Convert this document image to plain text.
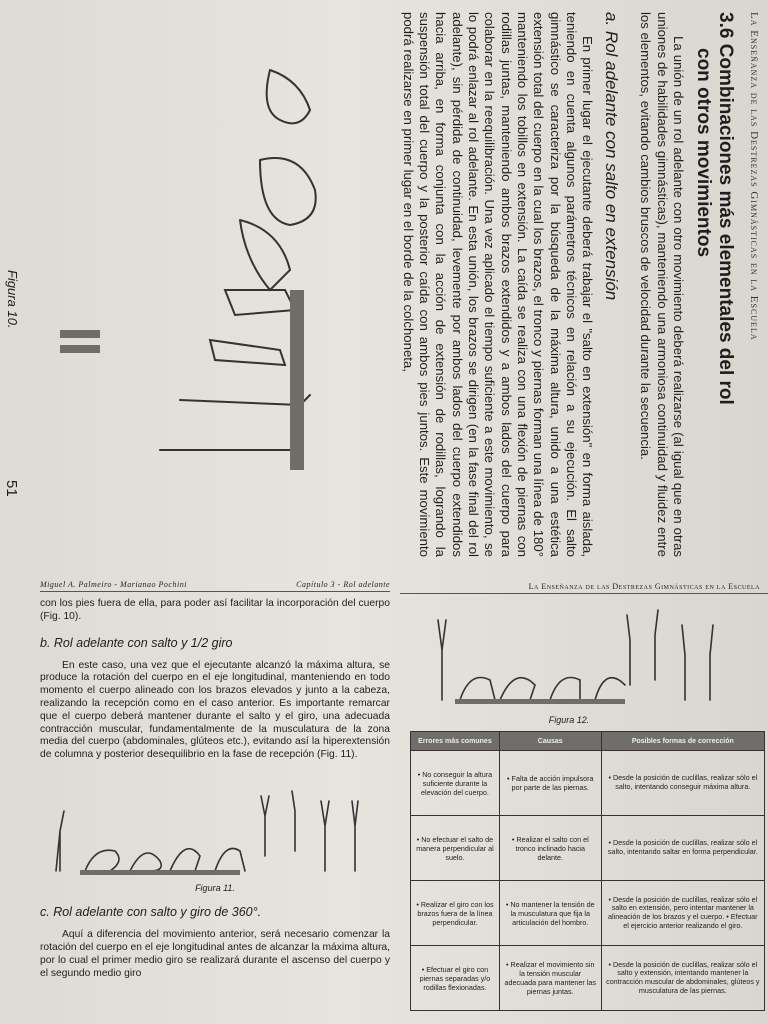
La Enseñanza de las Destrezas Gimnásticas en la Escuela
3.6 Combinaciones más elementales del rol
con otros movimientos

La unión de un rol adelante con otro movimiento deberá realizarse (al igual que en otras uniones de habilidades gimnásticas), manteniendo una armoniosa continuidad y fluidez entre los elementos, evitando cambios bruscos de velocidad durante la secuencia.

a. Rol adelante con salto en extensión

En primer lugar el ejecutante deberá trabajar el "salto en extensión" en forma aislada, teniendo en cuenta algunos parámetros técnicos en relación a su ejecución. El salto gimnástico se caracteriza por la búsqueda de la máxima altura, unido a una estética extensión total del cuerpo en la cual los brazos, el tronco y piernas forman una línea de 180° manteniendo los tobillos en extensión. La caída se realiza con una flexión de piernas con rodillas juntas, manteniendo ambos brazos extendidos y a ambos lados del cuerpo para colaborar en la reequilibración. Una vez aplicado el tiempo suficiente a este movimiento, se lo podrá enlazar al rol adelante. En esta unión, los brazos se dirigen (en la fase final del rol adelante), sin pérdida de continuidad, levemente por ambos lados del cuerpo extendidos hacia arriba, en forma conjunta con la acción de extensión de rodillas, logrando la suspensión total del cuerpo y la posterior caída con ambos pies juntos. Este movimiento podrá realizarse en primer lugar en el borde de la colchoneta,

Figura 10.
51
Miguel A. Palmeiro - Marianao Pochini	Capítulo 3 - Rol adelante

con los pies fuera de ella, para poder así facilitar la incorporación del cuerpo (Fig. 10).

b. Rol adelante con salto y 1/2 giro

En este caso, una vez que el ejecutante alcanzó la máxima altura, se produce la rotación del cuerpo en el eje longitudinal, manteniendo en todo momento el cuerpo alineado con los brazos elevados y junto a la cabeza, realizando la recepción como en el caso anterior. Es importante remarcar que el cuerpo deberá mantener durante el salto y el giro, una adecuada contracción muscular, fundamentalmente de la musculatura de la zona media del cuerpo (abdominales, glúteos etc.), evitando así la hiperextensión de columna y posterior desequilibrio en la fase de recepción (Fig. 11).

Figura 11.
c. Rol adelante con salto y giro de 360°.

Aquí a diferencia del movimiento anterior, será necesario comenzar la rotación del cuerpo en el eje longitudinal antes de alcanzar la máxima altura, por lo cual el primer medio giro se realizará durante el ascenso del cuerpo y el segundo medio giro

La Enseñanza de las Destrezas Gimnásticas en la Escuela
Figura 12.
Errores más comunes	Causas	Posibles formas de corrección
• No conseguir la altura suficiente durante la elevación del cuerpo.	• Falta de acción impulsora por parte de las piernas.	• Desde la posición de cuclillas, realizar sólo el salto, intentando conseguir máxima altura.
• No efectuar el salto de manera perpendicular al suelo.	• Realizar el salto con el tronco inclinado hacia delante.	• Desde la posición de cuclillas, realizar sólo el salto, intentando saltar en forma perpendicular.
• Realizar el giro con los brazos fuera de la línea perpendicular.	• No mantener la tensión de la musculatura que fija la articulación del hombro.	• Desde la posición de cuclillas, realizar sólo el salto en extensión, pero intentar mantener la alineación de los brazos y el cuerpo. • Efectuar el ejercicio anterior realizando el giro.
• Efectuar el giro con piernas separadas y/o rodillas flexionadas.	• Realizar el movimiento sin la tensión muscular adecuada para mantener las piernas juntas.	• Desde la posición de cuclillas, realizar sólo el salto y extensión, intentando mantener la contracción muscular de abdominales, glúteos y musculatura de las piernas.
